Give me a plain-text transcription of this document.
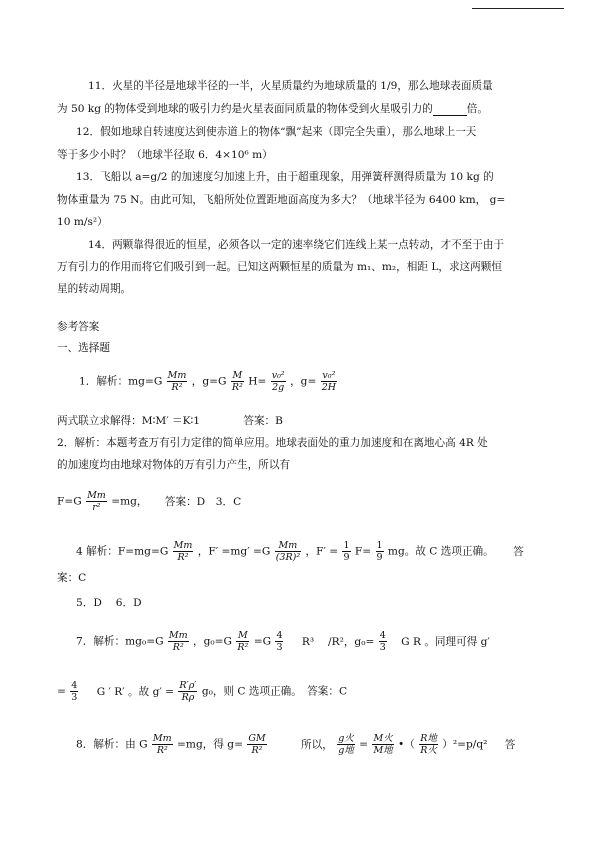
11．火星的半径是地球半径的一半，火星质量约为地球质量的 1/9，那么地球表面质量
为 50 kg 的物体受到地球的吸引力约是火星表面同质量的物体受到火星吸引力的	倍。
12．假如地球自转速度达到使赤道上的物体“飘”起来（即完全失重），那么地球上一天
等于多少小时？（地球半径取 6．4×10⁶ m）
13．飞船以 a=g/2 的加速度匀加速上升，由于超重现象，用弹簧秤测得质量为 10 kg 的
物体重量为 75 N。由此可知，飞船所处位置距地面高度为多大？（地球半径为 6400 km， g=
10 m/s²）
14．两颗靠得很近的恒星，必须各以一定的速率绕它们连线上某一点转动，才不至于由于
万有引力的作用而将它们吸引到一起。已知这两颗恒星的质量为 m₁、m₂，相距 L，求这两颗恒
星的转动周期。
参考答案
一、选择题
1．解析：$mg=G \frac{Mm}{\text{R²}}$ ，$g=G \frac{M}{\text{R²}} H= \frac{\text{v₀²}}{2g}$ ，$g= \frac{\text{v₀²}}{2H}$
两式联立求解得：M∶M′ ＝K∶1	答案：B
2．解析：本题考查万有引力定律的简单应用。地球表面处的重力加速度和在离地心高 4R 处
的加速度均由地球对物体的万有引力产生，所以有
$F=G \frac{Mm}{\text{r²}} =mg$， 答案：D　3．C
4 解析：$F=mg=G \frac{Mm}{\text{R²}}$ ，$F' =mg' =G \frac{Mm}{\text{(3R)²}}$ ，$F' = \frac{1}{9} F= \frac{1}{9}$ mg。故 C 选项正确。 答
案：C
5．D　 6．D
7．解析：$mg_0=G \frac{Mm}{\text{R²}}$ ，$g_0=G \frac{M}{\text{R²}} =G \frac{4}{3} R^3$　 /R²，$g_0= \frac{4}{3}$ G R 。同理可得 g′
= $\frac{4}{3}$ G ′ R′ 。故 $g' = \frac{R'\rho'}{R\rho} g_0$，则 C 选项正确。　答案：C
8．解析：由 G $\frac{Mm}{\text{R²}} =mg$，得 $g= \frac{GM}{\text{R²}}$	所以， $\frac{\text{g火}}{\text{g地}} = \frac{\text{M火}}{\text{M地}}$ •（ $\frac{\text{R地}}{\text{R火}} )^2=p/q^2$ 答
